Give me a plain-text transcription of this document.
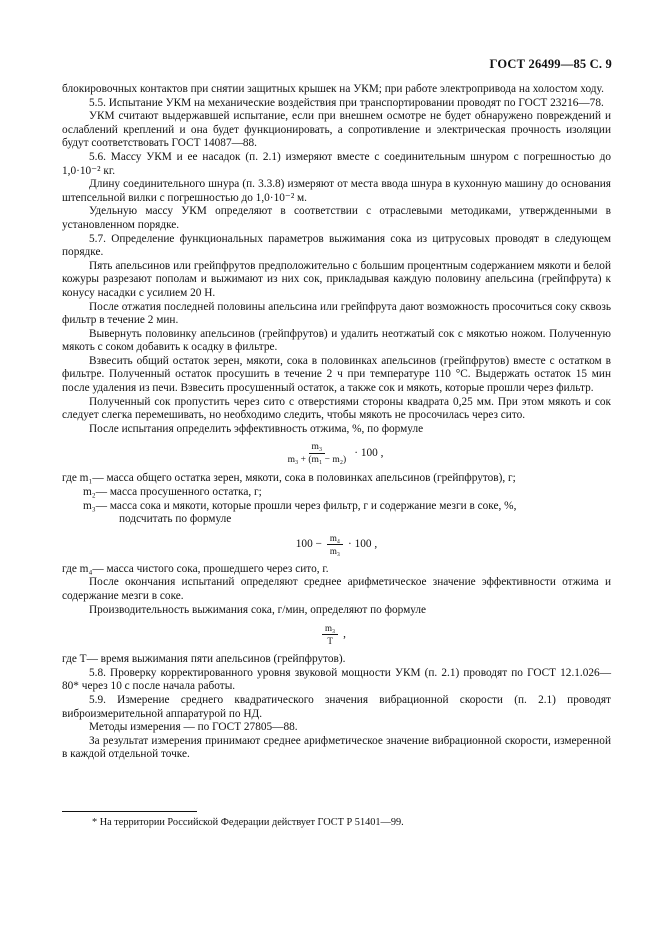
ГОСТ 26499—85 С. 9

блокировочных контактов при снятии защитных крышек на УКМ; при работе электропривода на холостом ходу.

5.5. Испытание УКМ на механические воздействия при транспортировании проводят по ГОСТ 23216—78.

УКМ считают выдержавшей испытание, если при внешнем осмотре не будет обнаружено повреждений и ослаблений креплений и она будет функционировать, а сопротивление и электрическая прочность изоляции будут соответствовать ГОСТ 14087—88.

5.6. Массу УКМ и ее насадок (п. 2.1) измеряют вместе с соединительным шнуром с погрешностью до 1,0·10⁻² кг.

Длину соединительного шнура (п. 3.3.8) измеряют от места ввода шнура в кухонную машину до основания штепсельной вилки с погрешностью до 1,0·10⁻² м.

Удельную массу УКМ определяют в соответствии с отраслевыми методиками, утвержденными в установленном порядке.

5.7. Определение функциональных параметров выжимания сока из цитрусовых проводят в следующем порядке.

Пять апельсинов или грейпфрутов предположительно с большим процентным содержанием мякоти и белой кожуры разрезают пополам и выжимают из них сок, прикладывая каждую половину апельсина (грейпфрута) к конусу насадки с усилием 20 Н.

После отжатия последней половины апельсина или грейпфрута дают возможность просочиться соку сквозь фильтр в течение 2 мин.

Вывернуть половинку апельсинов (грейпфрутов) и удалить неотжатый сок с мякотью ножом. Полученную мякоть с соком добавить к осадку в фильтре.

Взвесить общий остаток зерен, мякоти, сока в половинках апельсинов (грейпфрутов) вместе с остатком в фильтре. Полученный остаток просушить в течение 2 ч при температуре 110 °С. Выдержать остаток 15 мин после удаления из печи. Взвесить просушенный остаток, а также сок и мякоть, которые прошли через фильтр.

Полученный сок пропустить через сито с отверстиями стороны квадрата 0,25 мм. При этом мякоть и сок следует слегка перемешивать, но необходимо следить, чтобы мякоть не просочилась через сито.

После испытания определить эффективность отжима, %, по формуле

$\frac{\text{m₃}}{\text{m₃ + (m₁ − m₂)}} \cdot 100$ ,
где m₁ — масса общего остатка зерен, мякоти, сока в половинках апельсинов (грейпфрутов), г;
m₂ — масса просушенного остатка, г;
m₃ — масса сока и мякоти, которые прошли через фильтр, г и содержание мезги в соке, %,
подсчитать по формуле
$100 - \frac{\text{m₄}}{\text{m₃}} \cdot 100$ ,
где m₄ — масса чистого сока, прошедшего через сито, г.

После окончания испытаний определяют среднее арифметическое значение эффективности отжима и содержание мезги в соке.

Производительность выжимания сока, г/мин, определяют по формуле

$\frac{\text{m₃}}{T}$ ,
где T — время выжимания пяти апельсинов (грейпфрутов).

5.8. Проверку корректированного уровня звуковой мощности УКМ (п. 2.1) проводят по ГОСТ 12.1.026—80* через 10 с после начала работы.

5.9. Измерение среднего квадратического значения вибрационной скорости (п. 2.1) проводят виброизмерительной аппаратурой по НД.

Методы измерения — по ГОСТ 27805—88.

За результат измерения принимают среднее арифметическое значение вибрационной скорости, измеренной в каждой отдельной точке.

* На территории Российской Федерации действует ГОСТ Р 51401—99.
